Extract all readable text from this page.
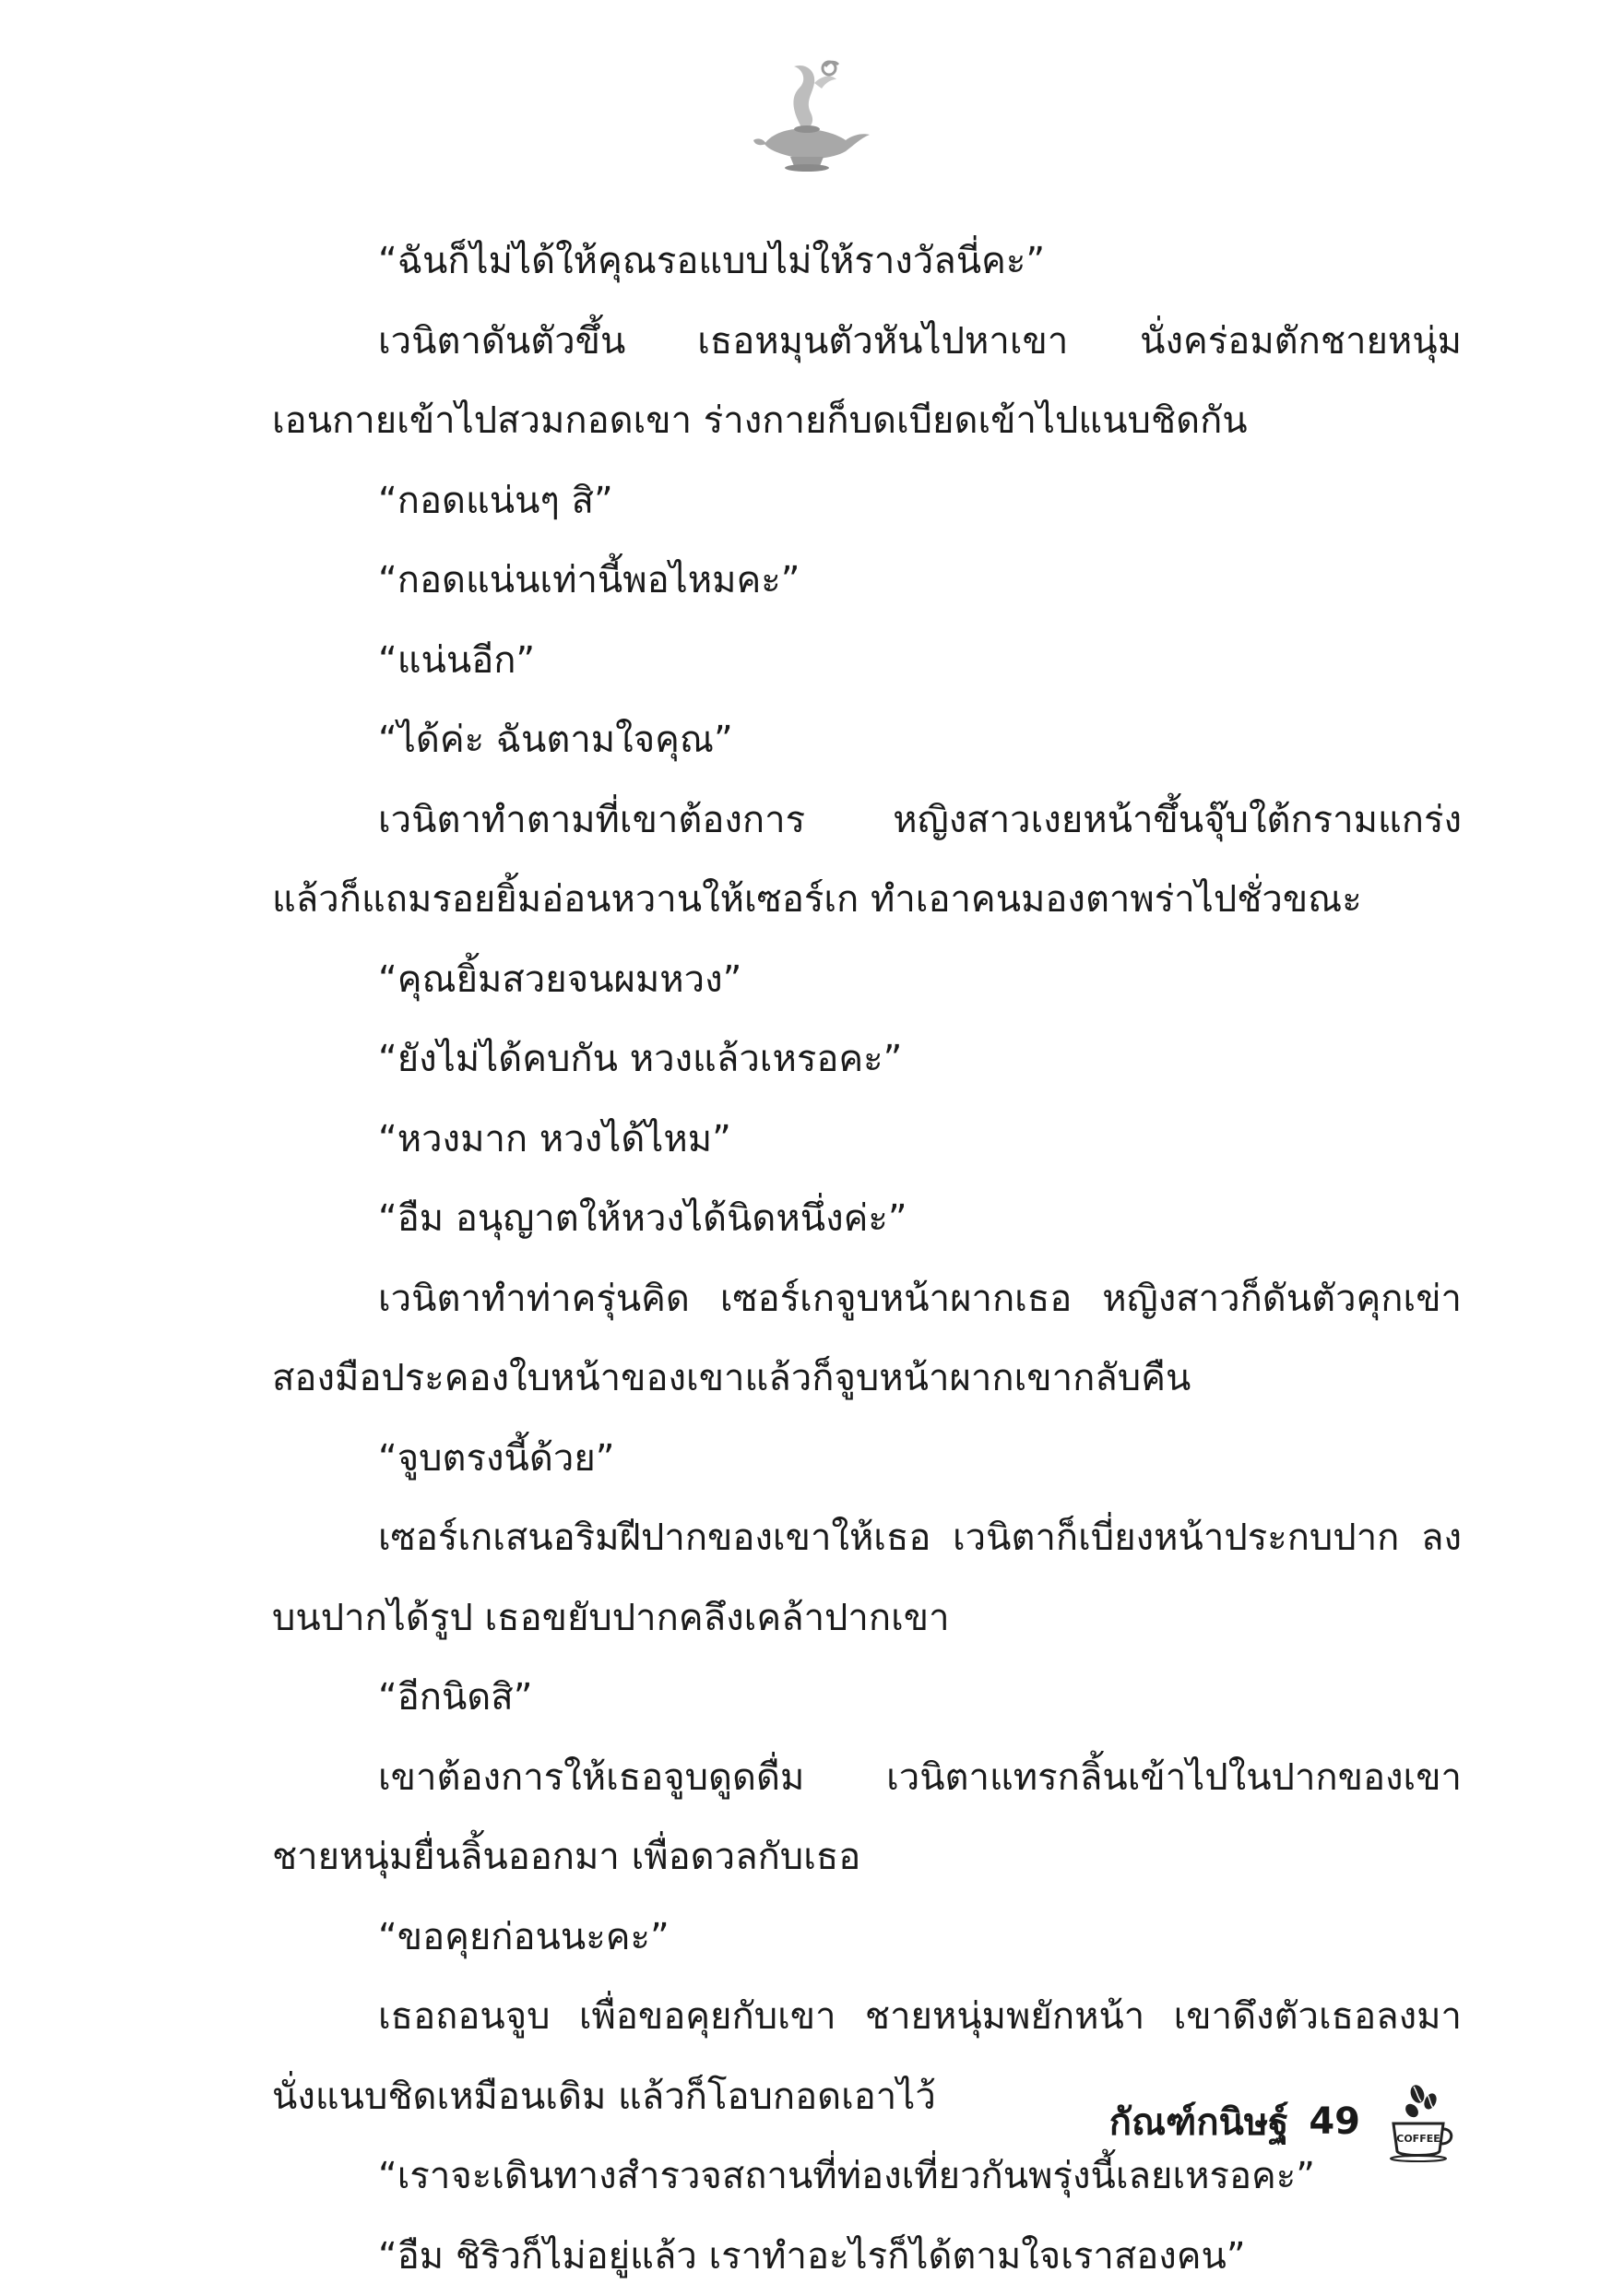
“ฉันก็ไม่ได้ให้คุณรอแบบไม่ให้รางวัลนี่คะ”

เวนิตาดันตัวขึ้น เธอหมุนตัวหันไปหาเขา นั่งคร่อมตักชายหนุ่ม เอนกายเข้าไปสวมกอดเขา ร่างกายก็บดเบียดเข้าไปแนบชิดกัน

“กอดแน่นๆ สิ”

“กอดแน่นเท่านี้พอไหมคะ”

“แน่นอีก”

“ได้ค่ะ ฉันตามใจคุณ”

เวนิตาทำตามที่เขาต้องการ หญิงสาวเงยหน้าขึ้นจุ๊บใต้กรามแกร่ง แล้วก็แถมรอยยิ้มอ่อนหวานให้เซอร์เก ทำเอาคนมองตาพร่าไปชั่วขณะ

“คุณยิ้มสวยจนผมหวง”

“ยังไม่ได้คบกัน หวงแล้วเหรอคะ”

“หวงมาก หวงได้ไหม”

“อืม อนุญาตให้หวงได้นิดหนึ่งค่ะ”

เวนิตาทำท่าครุ่นคิด เซอร์เกจูบหน้าผากเธอ หญิงสาวก็ดันตัวคุกเข่า สองมือประคองใบหน้าของเขาแล้วก็จูบหน้าผากเขากลับคืน

“จูบตรงนี้ด้วย”

เซอร์เกเสนอริมฝีปากของเขาให้เธอ เวนิตาก็เบี่ยงหน้าประกบปาก ลงบนปากได้รูป เธอขยับปากคลึงเคล้าปากเขา

“อีกนิดสิ”

เขาต้องการให้เธอจูบดูดดื่ม เวนิตาแทรกลิ้นเข้าไปในปากของเขา ชายหนุ่มยื่นลิ้นออกมา เพื่อดวลกับเธอ

“ขอคุยก่อนนะคะ”

เธอถอนจูบ เพื่อขอคุยกับเขา ชายหนุ่มพยักหน้า เขาดึงตัวเธอลงมา นั่งแนบชิดเหมือนเดิม แล้วก็โอบกอดเอาไว้

“เราจะเดินทางสำรวจสถานที่ท่องเที่ยวกันพรุ่งนี้เลยเหรอคะ”

“อืม ชิริวก็ไม่อยู่แล้ว เราทำอะไรก็ได้ตามใจเราสองคน”

กัณฑ์กนิษฐ์ 49	COFFEE
